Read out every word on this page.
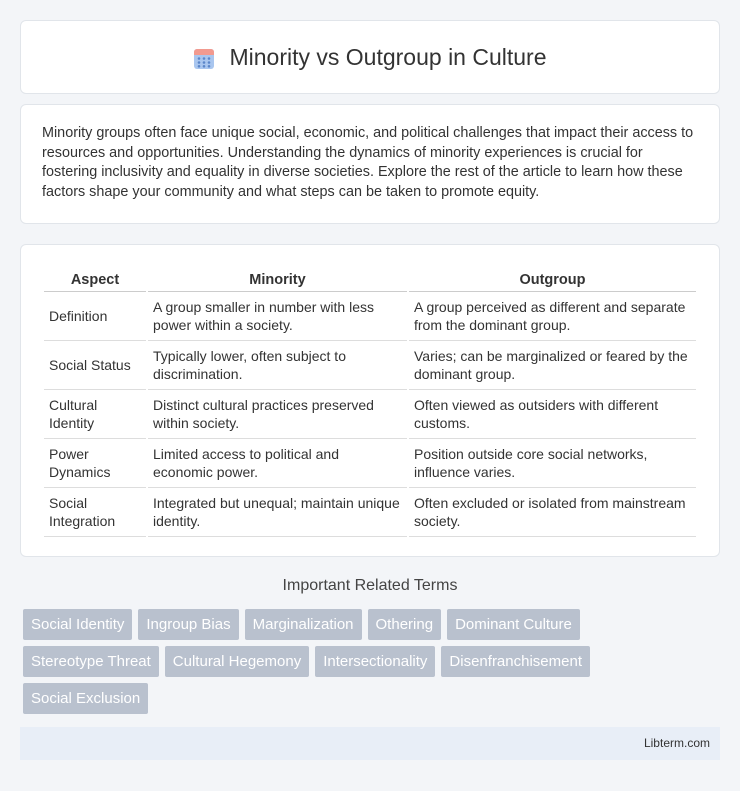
Minority vs Outgroup in Culture

Minority groups often face unique social, economic, and political challenges that impact their access to resources and opportunities. Understanding the dynamics of minority experiences is crucial for fostering inclusivity and equality in diverse societies. Explore the rest of the article to learn how these factors shape your community and what steps can be taken to promote equity.

Aspect	Minority	Outgroup
Definition	A group smaller in number with less power within a society.	A group perceived as different and separate from the dominant group.
Social Status	Typically lower, often subject to discrimination.	Varies; can be marginalized or feared by the dominant group.
Cultural Identity	Distinct cultural practices preserved within society.	Often viewed as outsiders with different customs.
Power Dynamics	Limited access to political and economic power.	Position outside core social networks, influence varies.
Social Integration	Integrated but unequal; maintain unique identity.	Often excluded or isolated from mainstream society.
Important Related Terms
Social Identity	Ingroup Bias	Marginalization	Othering	Dominant Culture
Stereotype Threat	Cultural Hegemony	Intersectionality	Disenfranchisement
Social Exclusion
Libterm.com
